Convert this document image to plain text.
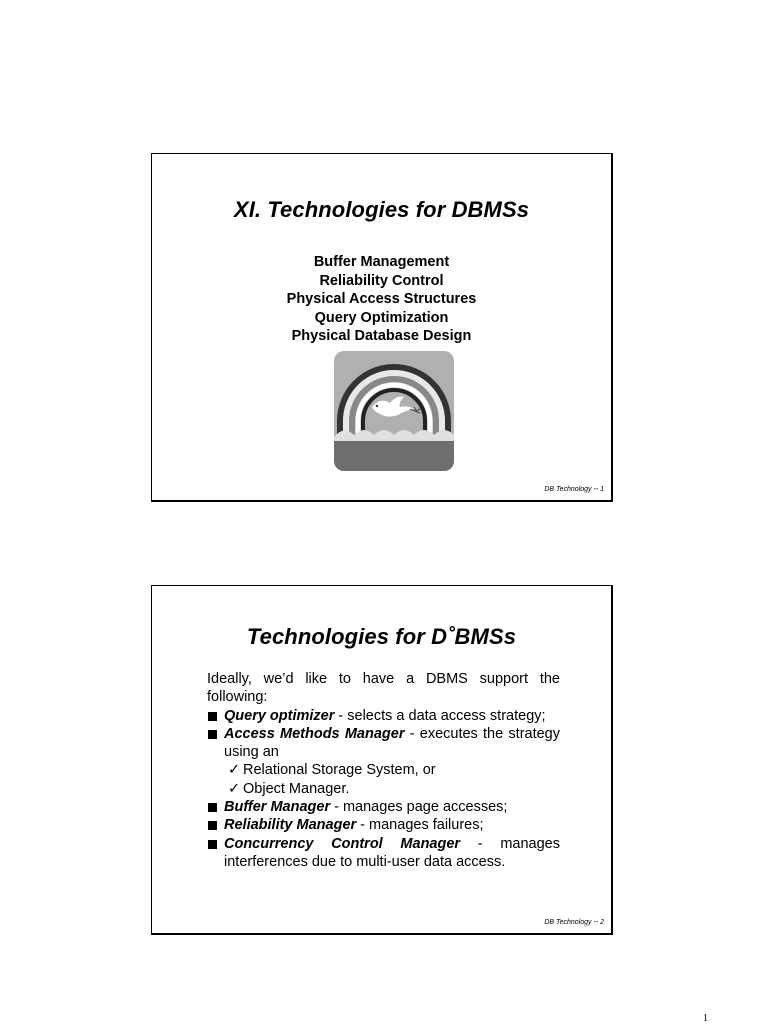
XI. Technologies for DBMSs
Buffer Management
Reliability Control
Physical Access Structures
Query Optimization
Physical Database Design
DB Technology -- 1
Technologies for D˚BMSs
Ideally, we’d like to have a DBMS support the following:
Query optimizer - selects a data access strategy;
Access Methods Manager - executes the strategy using an
✓ Relational Storage System, or
✓ Object Manager.
Buffer Manager - manages page accesses;
Reliability Manager - manages failures;
Concurrency Control Manager - manages interferences due to multi-user data access.
DB Technology -- 2
1
